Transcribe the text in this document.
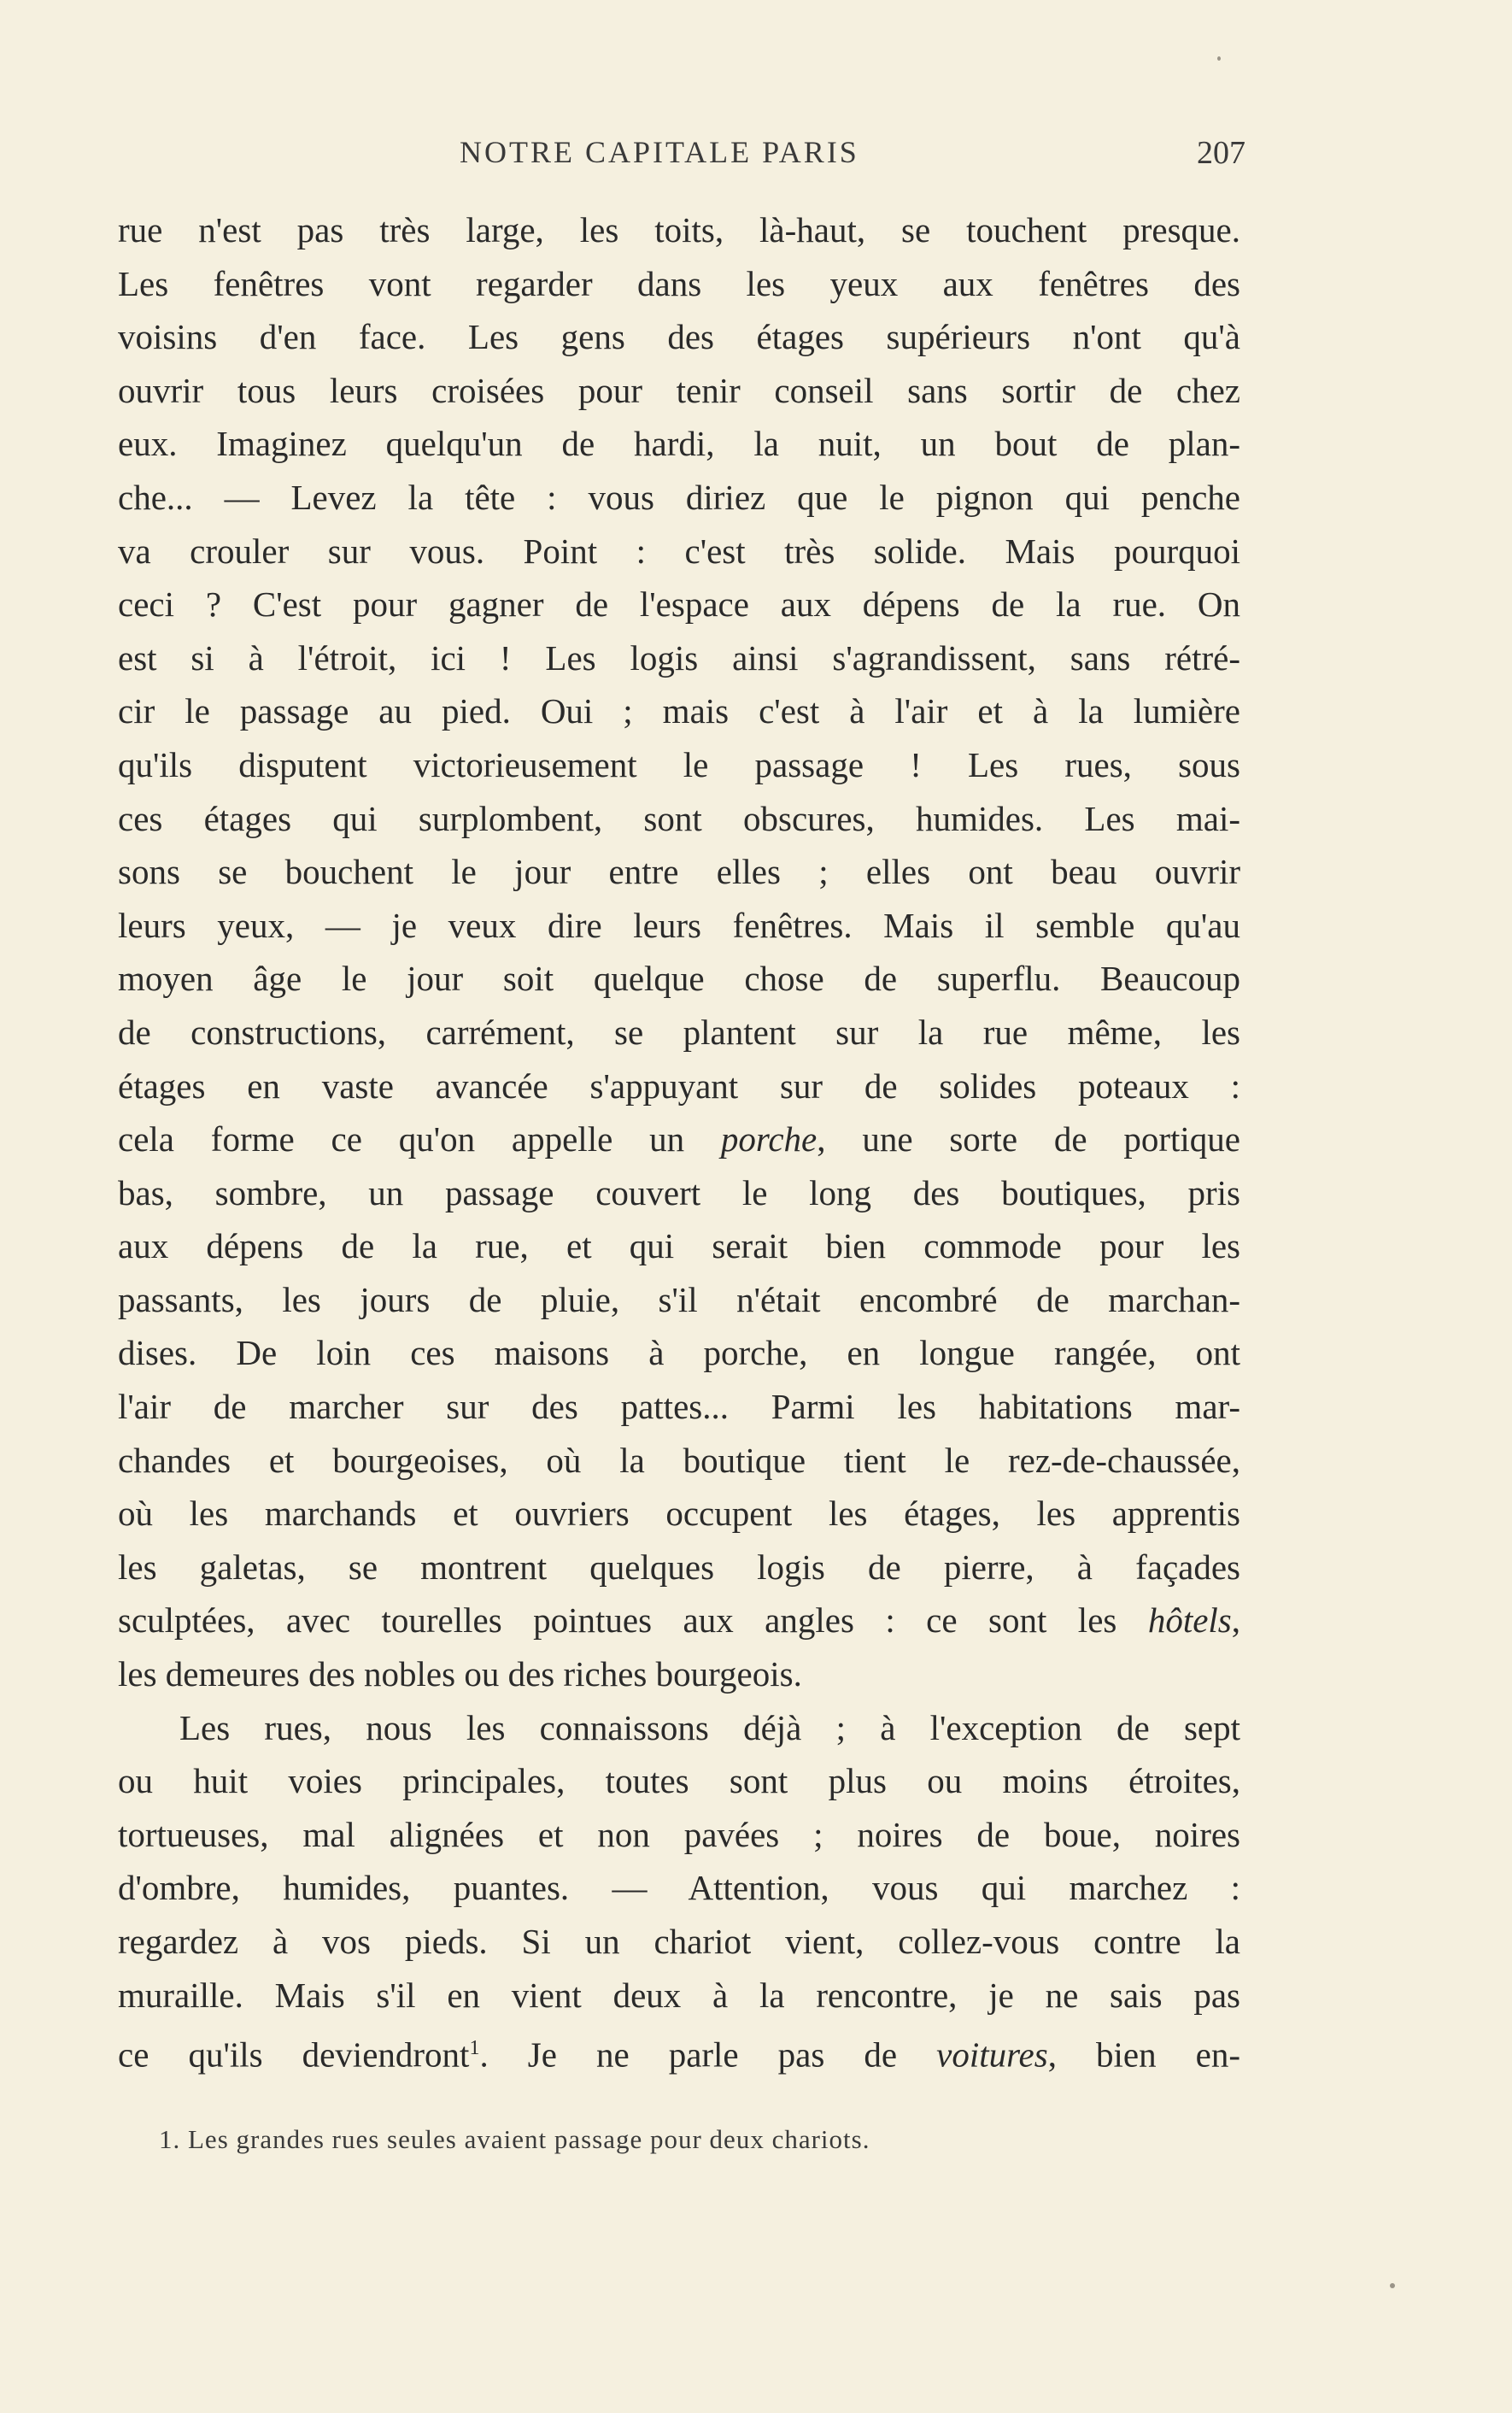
NOTRE CAPITALE PARIS	207
rue n'est pas très large, les toits, là-haut, se touchent presque.
Les fenêtres vont regarder dans les yeux aux fenêtres des
voisins d'en face. Les gens des étages supérieurs n'ont qu'à
ouvrir tous leurs croisées pour tenir conseil sans sortir de chez
eux. Imaginez quelqu'un de hardi, la nuit, un bout de plan-
che... — Levez la tête : vous diriez que le pignon qui penche
va crouler sur vous. Point : c'est très solide. Mais pourquoi
ceci ? C'est pour gagner de l'espace aux dépens de la rue. On
est si à l'étroit, ici ! Les logis ainsi s'agrandissent, sans rétré-
cir le passage au pied. Oui ; mais c'est à l'air et à la lumière
qu'ils disputent victorieusement le passage ! Les rues, sous
ces étages qui surplombent, sont obscures, humides. Les mai-
sons se bouchent le jour entre elles ; elles ont beau ouvrir
leurs yeux, — je veux dire leurs fenêtres. Mais il semble qu'au
moyen âge le jour soit quelque chose de superflu. Beaucoup
de constructions, carrément, se plantent sur la rue même, les
étages en vaste avancée s'appuyant sur de solides poteaux :
cela forme ce qu'on appelle un porche, une sorte de portique
bas, sombre, un passage couvert le long des boutiques, pris
aux dépens de la rue, et qui serait bien commode pour les
passants, les jours de pluie, s'il n'était encombré de marchan-
dises. De loin ces maisons à porche, en longue rangée, ont
l'air de marcher sur des pattes... Parmi les habitations mar-
chandes et bourgeoises, où la boutique tient le rez-de-chaussée,
où les marchands et ouvriers occupent les étages, les apprentis
les galetas, se montrent quelques logis de pierre, à façades
sculptées, avec tourelles pointues aux angles : ce sont les hôtels,
les demeures des nobles ou des riches bourgeois.
Les rues, nous les connaissons déjà ; à l'exception de sept
ou huit voies principales, toutes sont plus ou moins étroites,
tortueuses, mal alignées et non pavées ; noires de boue, noires
d'ombre, humides, puantes. — Attention, vous qui marchez :
regardez à vos pieds. Si un chariot vient, collez-vous contre la
muraille. Mais s'il en vient deux à la rencontre, je ne sais pas
ce qu'ils deviendront$^1$. Je ne parle pas de voitures, bien en-
1. Les grandes rues seules avaient passage pour deux chariots.
